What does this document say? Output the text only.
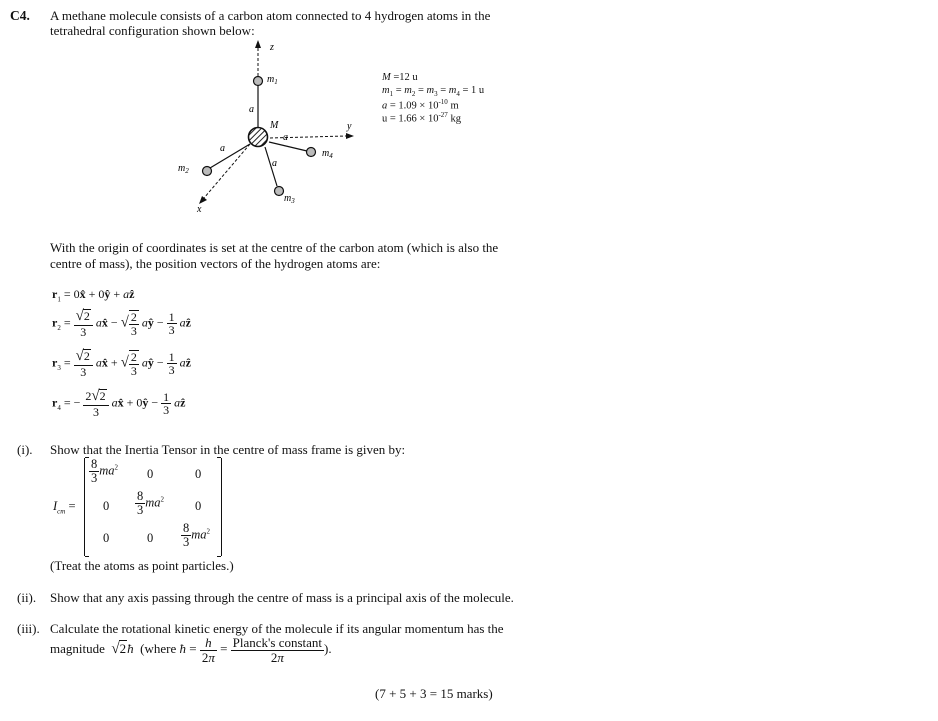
C4. A methane molecule consists of a carbon atom connected to 4 hydrogen atoms in the
tetrahedral configuration shown below:
z
y
x
M
$m_1$
$m_2$
$m_3$
$m_4$
a
a
a
a
M =12 u
$m_1 = m_2 = m_3 = m_4 = 1$ u
$a = 1.09 \times 10^{-10}$ m
$u = 1.66 \times 10^{-27}$ kg
With the origin of coordinates is set at the centre of the carbon atom (which is also the
centre of mass), the position vectors of the hydrogen atoms are:
$r_1$ = 0x̂ + 0ŷ + aẑ
$r_2 = \frac{√2}{3}$ ax̂ − √ $\frac{2}{3}$ aŷ − $\frac{1}{3}$ aẑ
$r_3 = \frac{√2}{3}$ ax̂ + √ $\frac{2}{3}$ aŷ − $\frac{1}{3}$ aẑ
$r_4$ = − $\frac{2√2}{3}$ ax̂ + 0ŷ − $\frac{1}{3}$ aẑ
(i). Show that the Inertia Tensor in the centre of mass frame is given by:
$I_{cm}$ =
$\frac{8}{3} ma^2$ 0	0
$0 \frac{8}{3} ma^2$ 0
0	$0 \frac{8}{3} ma^2$
(Treat the atoms as point particles.)
(ii). Show that any axis passing through the centre of mass is a principal axis of the molecule.
(iii). Calculate the rotational kinetic energy of the molecule if its angular momentum has the
magnitude √2ħ (where ħ = $\frac{h}{2\pi} = \frac{\text{Planck's constant}}{2\pi}$ ).
(7 + 5 + 3 = 15 marks)
